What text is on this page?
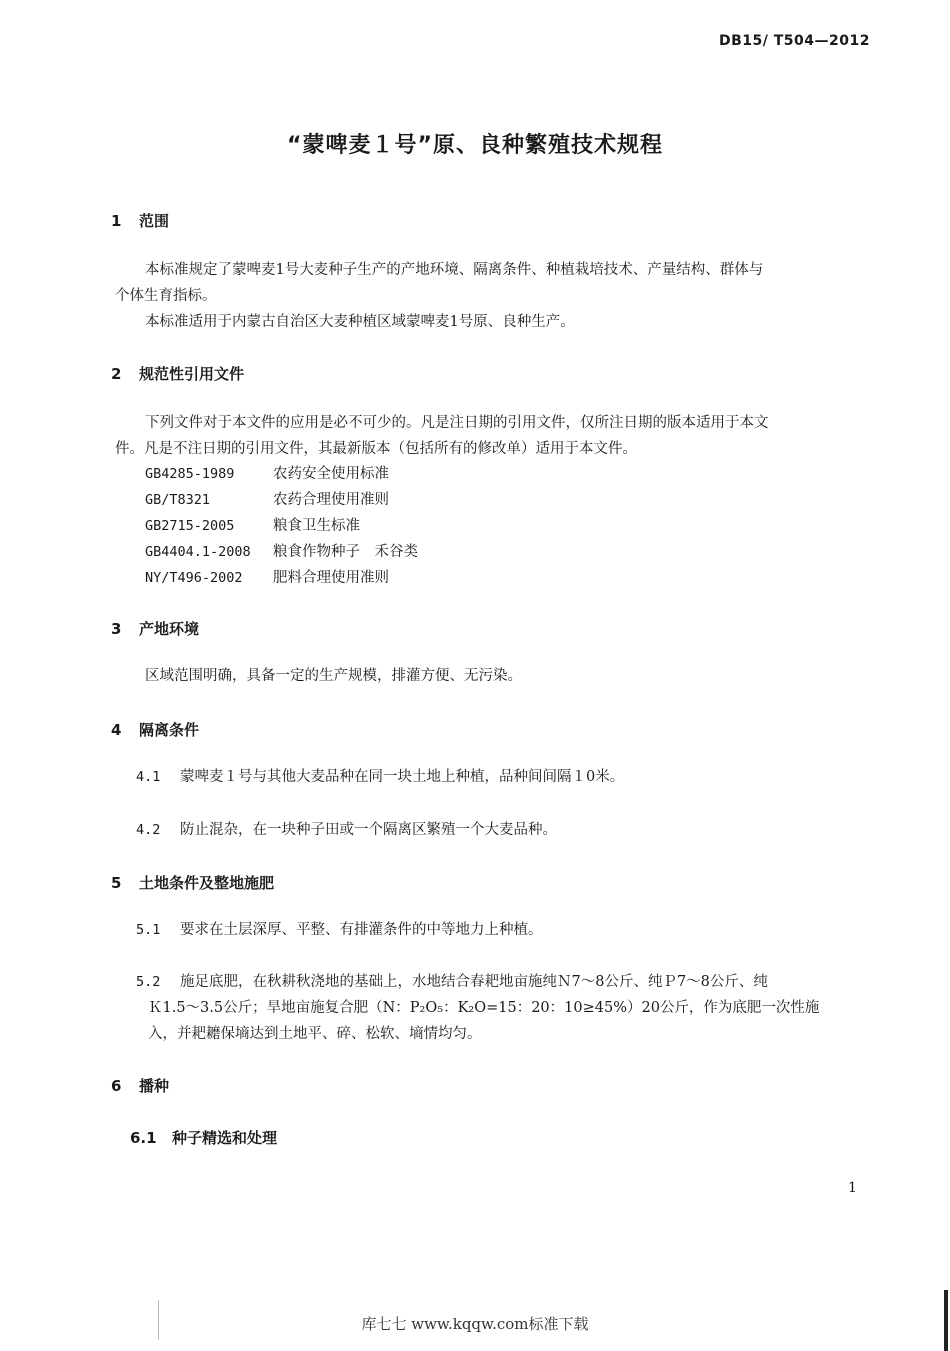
DB15/ T504—2012
“蒙啤麦１号”原、良种繁殖技术规程
1 范围
本标准规定了蒙啤麦1号大麦种子生产的产地环境、隔离条件、种植栽培技术、产量结构、群体与
个体生育指标。
本标准适用于内蒙古自治区大麦种植区域蒙啤麦1号原、良种生产。
2 规范性引用文件
下列文件对于本文件的应用是必不可少的。凡是注日期的引用文件，仅所注日期的版本适用于本文
件。凡是不注日期的引用文件，其最新版本（包括所有的修改单）适用于本文件。
GB4285-1989	农药安全使用标准
GB/T8321	农药合理使用准则
GB2715-2005	粮食卫生标准
GB4404.1-2008 粮食作物种子　禾谷类
NY/T496-2002 肥料合理使用准则
3 产地环境
区域范围明确，具备一定的生产规模，排灌方便、无污染。
4 隔离条件
4.1 蒙啤麦１号与其他大麦品种在同一块土地上种植，品种间间隔１0米。
4.2 防止混杂，在一块种子田或一个隔离区繁殖一个大麦品种。
5 土地条件及整地施肥
5.1 要求在土层深厚、平整、有排灌条件的中等地力上种植。
5.2 施足底肥，在秋耕秋浇地的基础上，水地结合春耙地亩施纯Ｎ7～8公斤、纯Ｐ7～8公斤、纯
Ｋ1.5～3.5公斤；旱地亩施复合肥（N：P₂O₅：K₂O=15：20：10≥45%）20公斤，作为底肥一次性施
入，并耙耱保墒达到土地平、碎、松软、墒情均匀。
6 播种
6.1 种子精选和处理
1
库七七 www.kqqw.com标准下载
